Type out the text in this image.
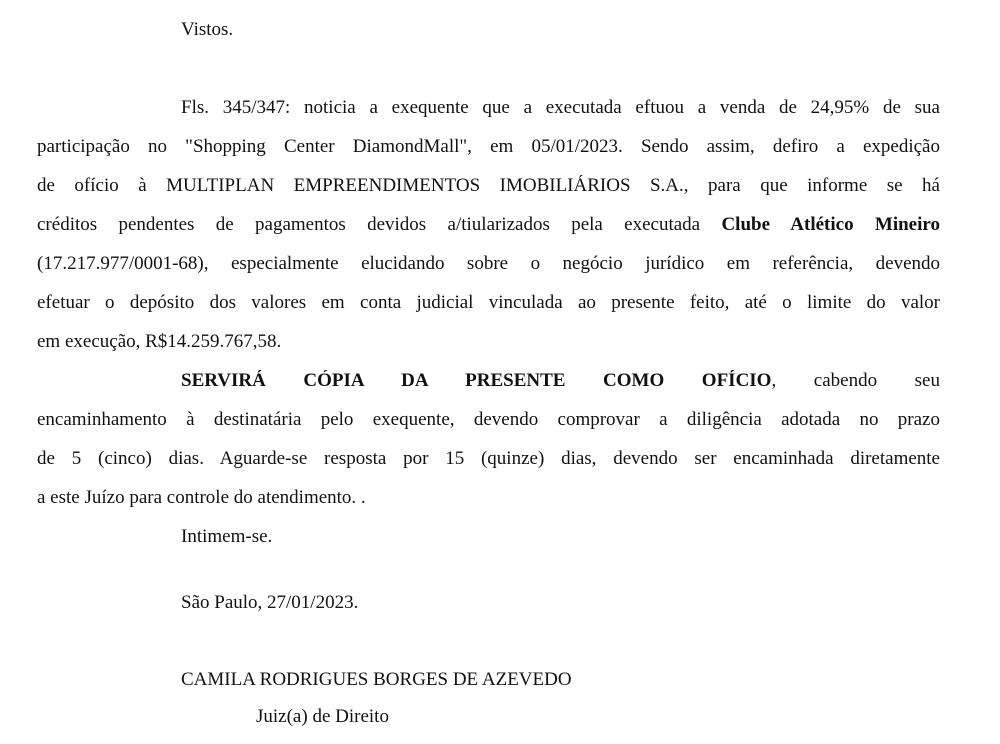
Vistos.
Fls. 345/347: noticia a exequente que a executada eftuou a venda de 24,95% de sua
participação no "Shopping Center DiamondMall", em 05/01/2023. Sendo assim, defiro a expedição
de ofício à MULTIPLAN EMPREENDIMENTOS IMOBILIÁRIOS S.A., para que informe se há
créditos pendentes de pagamentos devidos a/tiularizados pela executada Clube Atlético Mineiro
(17.217.977/0001-68), especialmente elucidando sobre o negócio jurídico em referência, devendo
efetuar o depósito dos valores em conta judicial vinculada ao presente feito, até o limite do valor
em execução, R$14.259.767,58.
SERVIRÁ CÓPIA DA PRESENTE COMO OFÍCIO, cabendo seu
encaminhamento à destinatária pelo exequente, devendo comprovar a diligência adotada no prazo
de 5 (cinco) dias. Aguarde-se resposta por 15 (quinze) dias, devendo ser encaminhada diretamente
a este Juízo para controle do atendimento. .
Intimem-se.
São Paulo, 27/01/2023.
CAMILA RODRIGUES BORGES DE AZEVEDO
Juiz(a) de Direito
